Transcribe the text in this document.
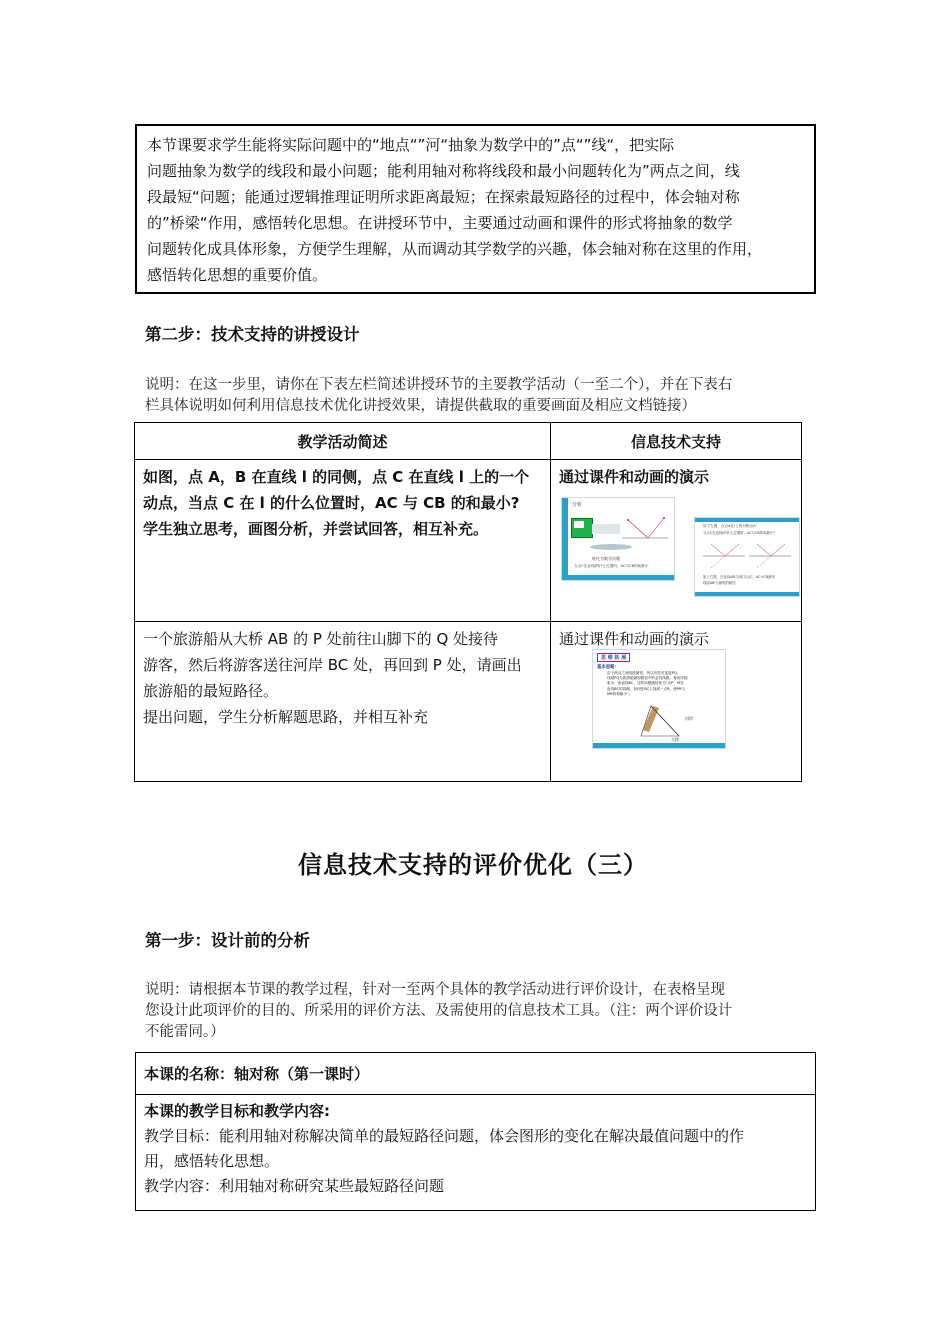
本节课要求学生能将实际问题中的“地点“”河“抽象为数学中的”点“”线“，把实际
问题抽象为数学的线段和最小问题；能利用轴对称将线段和最小问题转化为”两点之间，线
段最短“问题；能通过逻辑推理证明所求距离最短；在探索最短路径的过程中，体会轴对称
的”桥梁“作用，感悟转化思想。在讲授环节中，主要通过动画和课件的形式将抽象的数学
问题转化成具体形象，方便学生理解，从而调动其学数学的兴趣，体会轴对称在这里的作用，
感悟转化思想的重要价值。
第二步：技术支持的讲授设计
说明：在这一步里，请你在下表左栏简述讲授环节的主要教学活动（一至二个），并在下表右
栏具体说明如何利用信息技术优化讲授效果，请提供截取的重要画面及相应文档链接）
教学活动简述	信息技术支持

如图，点 A，B 在直线 l 的同侧，点 C 在直线 l 上的一个
动点，当点 C 在 l 的什么位置时，AC 与 CB 的和最小?
学生独立思考，画图分析，并尝试回答，相互补充。	通过课件和动画的演示

一个旅游船从大桥 AB 的 P 处前往山脚下的 Q 处接待
游客，然后将游客送往河岸 BC 处，再回到 P 处，请画出
旅游船的最短路径。
提出问题，学生分析解题思路，并相互补充	通过课件和动画的演示
分析
转化为数学问题
当点C在直线l的什么位置时，AC与CB的和最小
如下左图，在点A在l上的对称点A'
当点C在直线l的什么位置时，AC与CB的和最小？
如上右图，在直线AB'与l的交点C，AC+CB最短
线段AB'为最短的路径
思 维 拓 展
基本思路：
由于两点之间线段最短，所以首先可连接PQ，
线段PQ为旅游船最短路径中的必经线路。将河岸抽
象为一条直线BC，这样问题就转化为“点P，M在
直线BC的同侧，如何在BC上找到一点R，使PR与
MR的和最小”。
河岸
大桥
信息技术支持的评价优化（三）
第一步：设计前的分析
说明：请根据本节课的教学过程，针对一至两个具体的教学活动进行评价设计，在表格呈现
您设计此项评价的目的、所采用的评价方法、及需使用的信息技术工具。（注：两个评价设计
不能雷同。）
本课的名称：轴对称（第一课时）

本课的教学目标和教学内容:
教学目标：能利用轴对称解决简单的最短路径问题，体会图形的变化在解决最值问题中的作
用，感悟转化思想。
教学内容：利用轴对称研究某些最短路径问题
